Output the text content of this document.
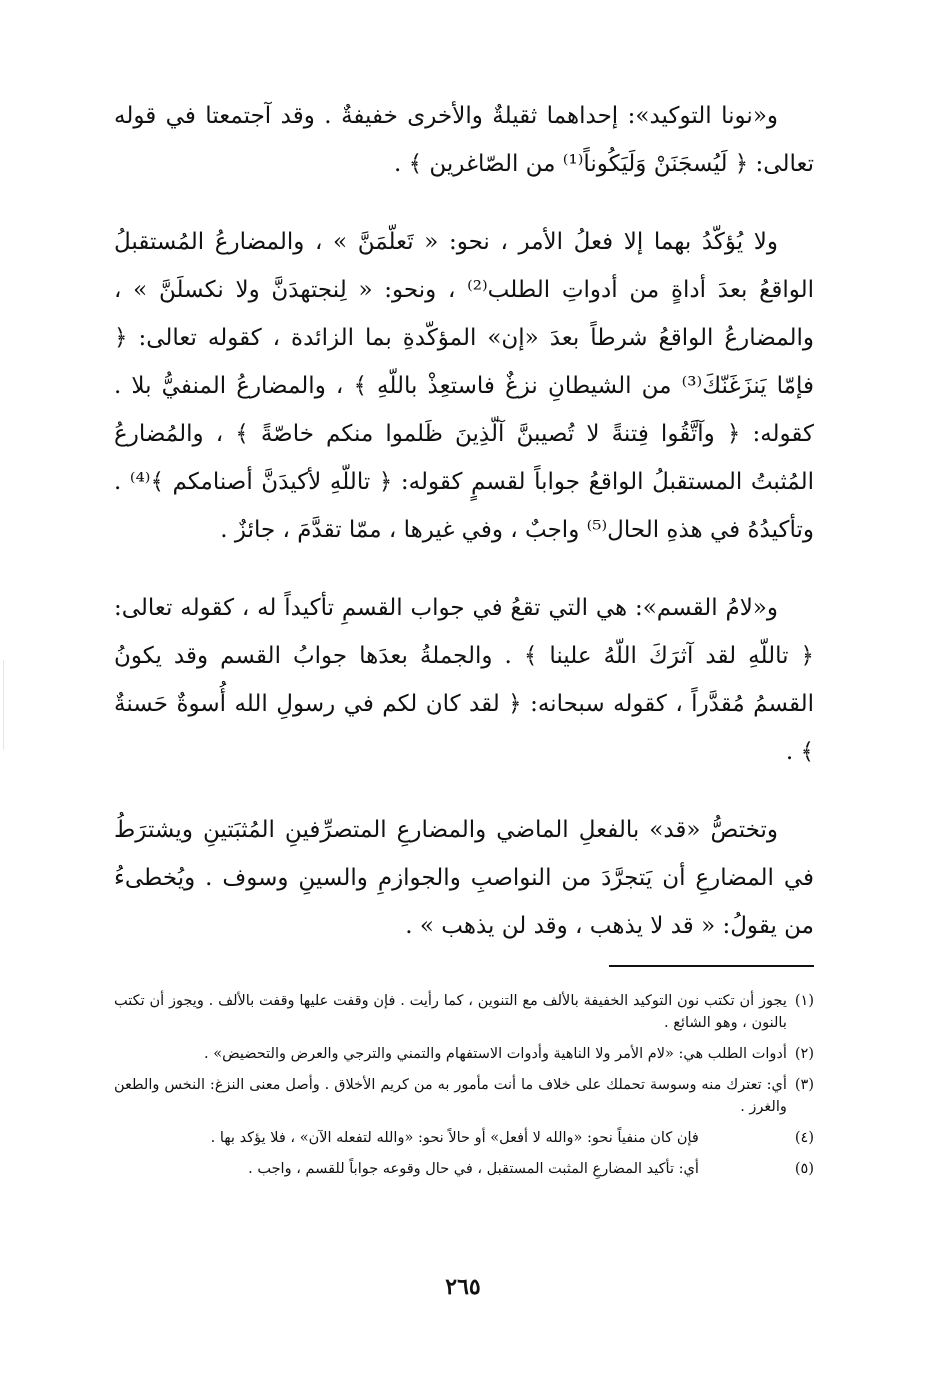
و«نونا التوكيد»: إحداهما ثقيلةٌ والأخرى خفيفةٌ . وقد آجتمعتا في قوله تعالى: ﴿ لَيُسجَنَنْ وَلَيَكُوناً⁽¹⁾ من الصّاغرين ﴾ .

ولا يُؤكّدُ بهما إلا فعلُ الأمر ، نحو: « تَعلّمَنَّ » ، والمضارعُ المُستقبلُ الواقعُ بعدَ أداةٍ من أدواتِ الطلب⁽²⁾ ، ونحو: « لِنجتهدَنَّ ولا نكسلَنَّ » ، والمضارعُ الواقعُ شرطاً بعدَ «إن» المؤكّدةِ بما الزائدة ، كقوله تعالى: ﴿ فإمّا يَنزَغَنّكَ⁽³⁾ من الشيطانِ نزغٌ فاستعِذْ باللّهِ ﴾ ، والمضارعُ المنفيُّ بلا . كقوله: ﴿ وآتَّقُوا فِتنةً لا تُصيبنَّ آلّذِينَ ظَلموا منكم خاصّةً ﴾ ، والمُضارعُ المُثبتُ المستقبلُ الواقعُ جواباً لقسمٍ كقوله: ﴿ تاللّهِ لأكيدَنَّ أصنامكم ﴾⁽⁴⁾ . وتأكيدُهُ في هذهِ الحال⁽⁵⁾ واجبٌ ، وفي غيرها ، ممّا تقدَّمَ ، جائزٌ .

و«لامُ القسم»: هي التي تقعُ في جواب القسمِ تأكيداً له ، كقوله تعالى: ﴿ تاللّهِ لقد آثرَكَ اللّهُ علينا ﴾ . والجملةُ بعدَها جوابُ القسم وقد يكونُ القسمُ مُقدَّراً ، كقوله سبحانه: ﴿ لقد كان لكم في رسولِ الله أُسوةٌ حَسنةٌ ﴾ .

وتختصُّ «قد» بالفعلِ الماضي والمضارعِ المتصرِّفينِ المُثبَتينِ ويشترَطُ في المضارعِ أن يَتجرَّدَ من النواصبِ والجوازمِ والسينِ وسوف . ويُخطىءُ من يقولُ: « قد لا يذهب ، وقد لن يذهب » .

(١)
يجوز أن تكتب نون التوكيد الخفيفة بالألف مع التنوين ، كما رأيت . فإن وقفت عليها وقفت بالألف . ويجوز أن تكتب بالنون ، وهو الشائع .
(٢)
أدوات الطلب هي: «لام الأمر ولا الناهية وأدوات الاستفهام والتمني والترجي والعرض والتحضيض» .
(٣)
أي: تعترك منه وسوسة تحملك على خلاف ما أنت مأمور به من كريم الأخلاق . وأصل معنى النزغ: النخس والطعن والغرز .
(٤)
فإن كان منفياً نحو: «والله لا أفعل» أو حالاً نحو: «والله لتفعله الآن» ، فلا يؤكد بها .
(٥)
أي: تأكيد المضارعِ المثبت المستقبل ، في حال وقوعه جواباً للقسم ، واجب .
٢٦٥
